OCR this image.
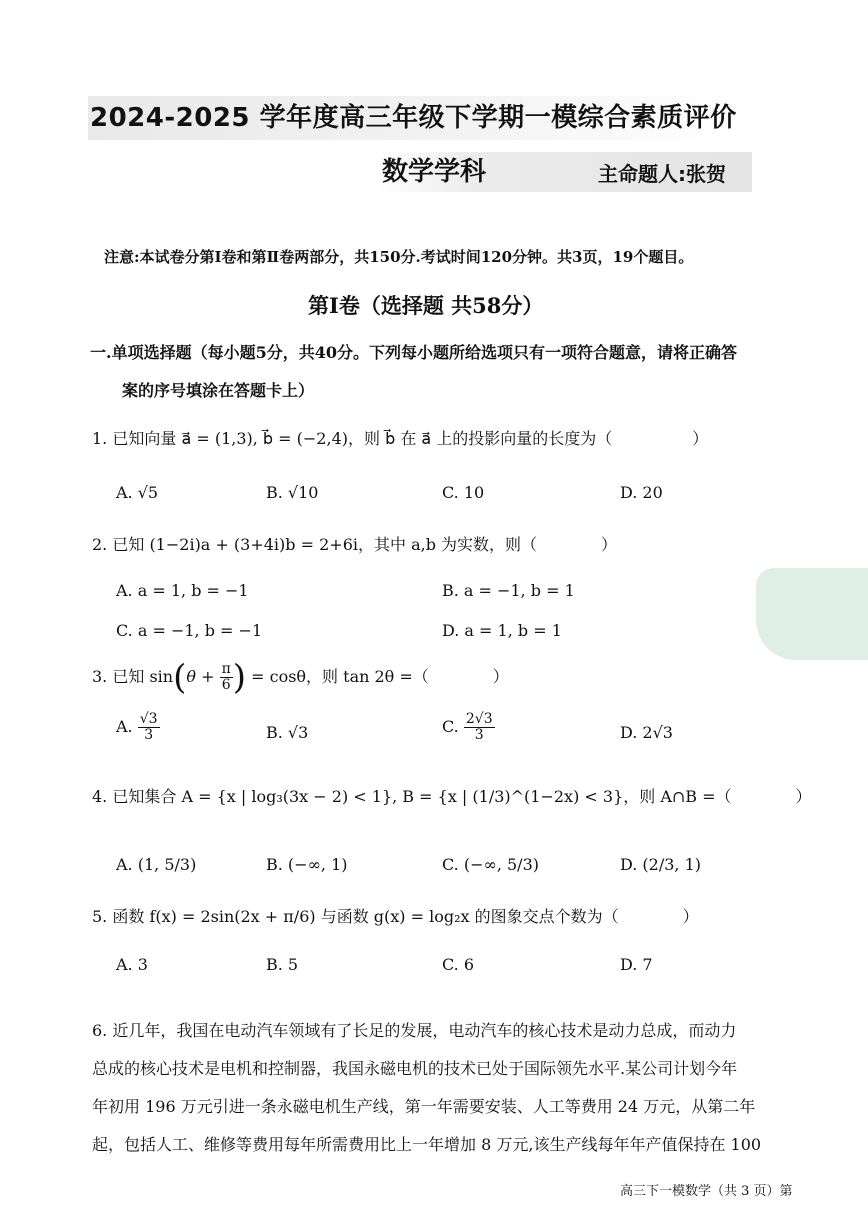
2024-2025 学年度高三年级下学期一模综合素质评价
数学学科	主命题人:张贺
注意:本试卷分第Ⅰ卷和第Ⅱ卷两部分，共150分.考试时间120分钟。共3页，19个题目。
第Ⅰ卷（选择题 共58分）
一.单项选择题（每小题5分，共40分。下列每小题所给选项只有一项符合题意，请将正确答
案的序号填涂在答题卡上）
1. 已知向量 a⃗ = (1,3), b⃗ = (−2,4)，则 b⃗ 在 a⃗ 上的投影向量的长度为（　　　　　）
A. √5	B. √10	C. 10	D. 20
2. 已知 (1−2i)a + (3+4i)b = 2+6i，其中 a,b 为实数，则（　　　　）
A. a = 1, b = −1	B. a = −1, b = 1
C. a = −1, b = −1	D. a = 1, b = 1
3. 已知 $\sin(\theta + \frac{\pi}{6}$ ) = cosθ，则 tan 2θ =（　　　　）
A. $\frac{√3}{3}$	B. √3	C. $\frac{2√3}{3}$	D. 2√3
4. 已知集合 A = {x | log₃(3x − 2) < 1}, B = {x | (1/3)^(1−2x) < 3}，则 A∩B =（　　　　）
A. (1, 5/3)	B. (−∞, 1)	C. (−∞, 5/3)	D. (2/3, 1)
5. 函数 f(x) = 2sin(2x + π/6) 与函数 g(x) = log₂x 的图象交点个数为（　　　　）
A. 3	B. 5	C. 6	D. 7
6. 近几年，我国在电动汽车领域有了长足的发展，电动汽车的核心技术是动力总成，而动力
总成的核心技术是电机和控制器，我国永磁电机的技术已处于国际领先水平.某公司计划今年
年初用 196 万元引进一条永磁电机生产线，第一年需要安装、人工等费用 24 万元，从第二年
起，包括人工、维修等费用每年所需费用比上一年增加 8 万元,该生产线每年年产值保持在 100
高三下一模数学（共 3 页）第
